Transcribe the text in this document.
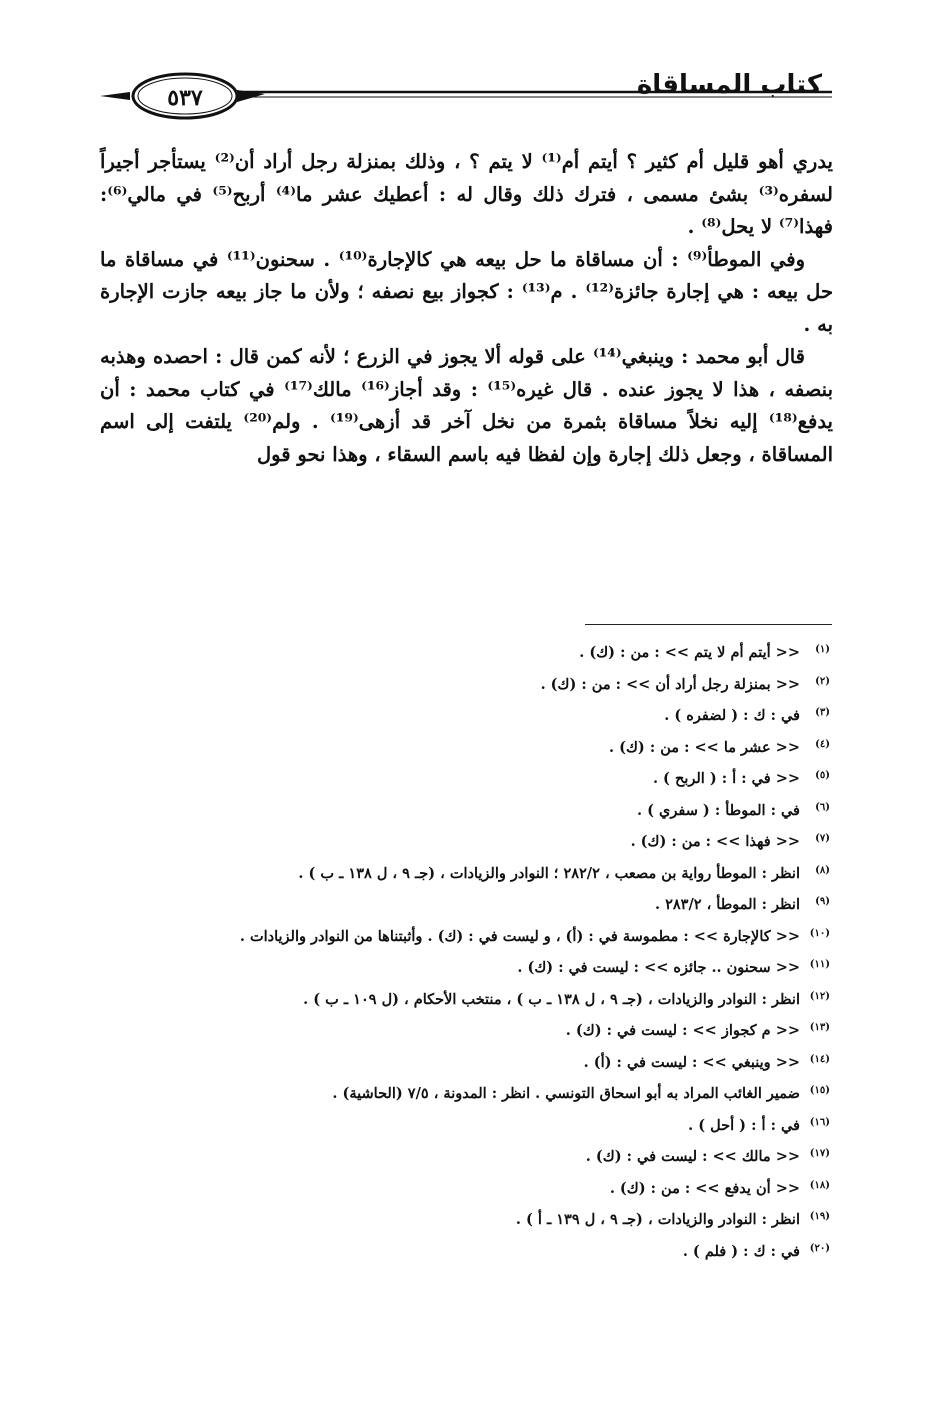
كتاب المساقاة
٥٣٧

يدري أهو قليل أم كثير ؟ أيتم أم⁽¹⁾ لا يتم ؟ ، وذلك بمنزلة رجل أراد أن⁽²⁾ يستأجر أجيراً لسفره⁽³⁾ بشئ مسمى ، فترك ذلك وقال له : أعطيك عشر ما⁽⁴⁾ أربح⁽⁵⁾ في مالي⁽⁶⁾: فهذا⁽⁷⁾ لا يحل⁽⁸⁾ .

وفي الموطأ⁽⁹⁾ : أن مساقاة ما حل بيعه هي كالإجارة⁽¹⁰⁾ . سحنون⁽¹¹⁾ في مساقاة ما حل بيعه : هي إجارة جائزة⁽¹²⁾ . م⁽¹³⁾ : كجواز بيع نصفه ؛ ولأن ما جاز بيعه جازت الإجارة به .

قال أبو محمد : وينبغي⁽¹⁴⁾ على قوله ألا يجوز في الزرع ؛ لأنه كمن قال : احصده وهذبه بنصفه ، هذا لا يجوز عنده . قال غيره⁽¹⁵⁾ : وقد أجاز⁽¹⁶⁾ مالك⁽¹⁷⁾ في كتاب محمد : أن يدفع⁽¹⁸⁾ إليه نخلاً مساقاة بثمرة من نخل آخر قد أزهى⁽¹⁹⁾ . ولم⁽²⁰⁾ يلتفت إلى اسم المساقاة ، وجعل ذلك إجارة وإن لفظا فيه باسم السقاء ، وهذا نحو قول

(١)<< أيتم أم لا يتم >> : من : (ك) .
(٢)<< بمنزلة رجل أراد أن >> : من : (ك) .
(٣)في : ك : ( لضفره ) .
(٤)<< عشر ما >> : من : (ك) .
(٥)<< في : أ : ( الربح ) .
(٦)في : الموطأ : ( سفري ) .
(٧)<< فهذا >> : من : (ك) .
(٨)انظر : الموطأ رواية بن مصعب ، ٢٨٢/٢ ؛ النوادر والزيادات ، (جـ ٩ ، ل ١٣٨ ـ ب ) .
(٩)انظر : الموطأ ، ٢٨٣/٢ .
(١٠)<< كالإجارة >> : مطموسة في : (أ) ، و ليست في : (ك) . وأثبتناها من النوادر والزيادات .
(١١)<< سحنون .. جائزه >> : ليست في : (ك) .
(١٢)انظر : النوادر والزيادات ، (جـ ٩ ، ل ١٣٨ ـ ب ) ، منتخب الأحكام ، (ل ١٠٩ ـ ب ) .
(١٣)<< م كجواز >> : ليست في : (ك) .
(١٤)<< وينبغي >> : ليست في : (أ) .
(١٥)ضمير الغائب المراد به أبو اسحاق التونسي . انظر : المدونة ، ٧/٥ (الحاشية) .
(١٦)في : أ : ( أحل ) .
(١٧)<< مالك >> : ليست في : (ك) .
(١٨)<< أن يدفع >> : من : (ك) .
(١٩)انظر : النوادر والزيادات ، (جـ ٩ ، ل ١٣٩ ـ أ ) .
(٢٠)في : ك : ( فلم ) .
